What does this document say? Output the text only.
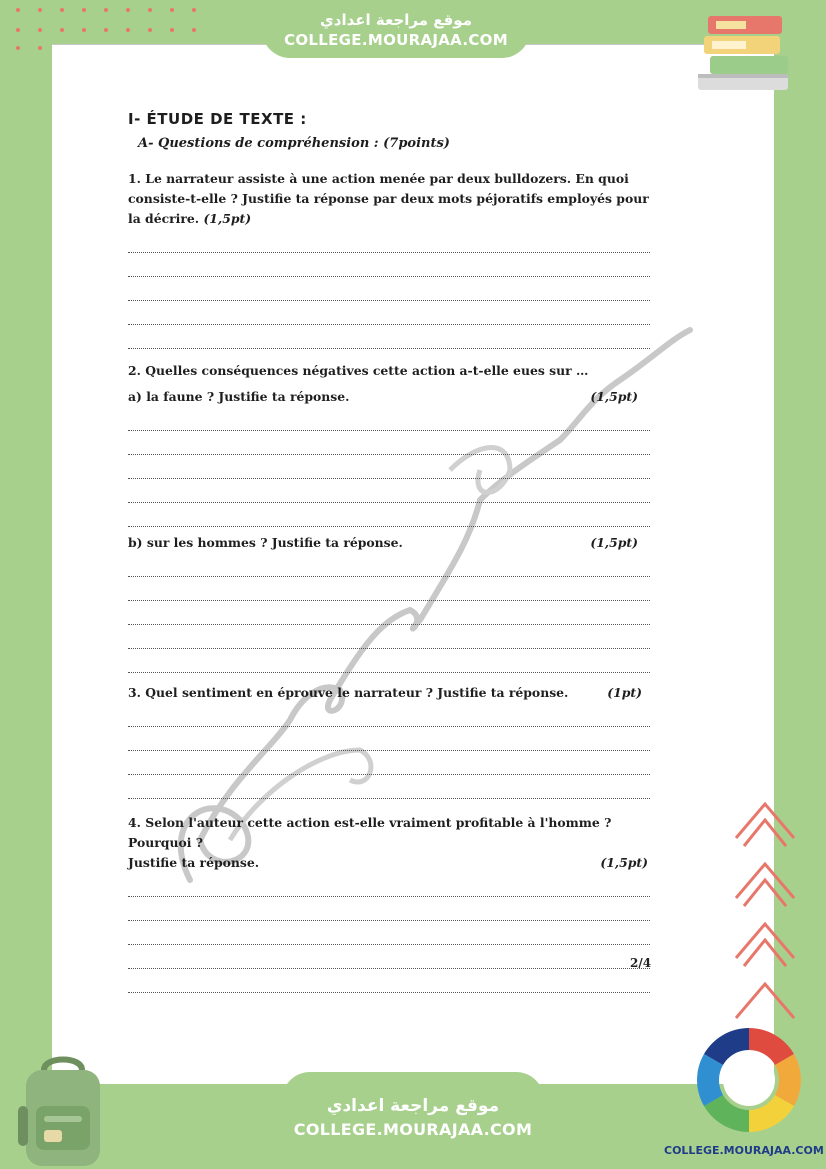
موقع مراجعة اعدادي
COLLEGE.MOURAJAA.COM

I- ÉTUDE DE TEXTE :

A- Questions de compréhension : (7points)

1. Le narrateur assiste à une action menée par deux bulldozers. En quoi consiste-t-elle ? Justifie ta réponse par deux mots péjoratifs employés pour la décrire. (1,5pt)

2. Quelles conséquences négatives cette action a-t-elle eues sur …

a) la faune ? Justifie ta réponse.	(1,5pt)
b) sur les hommes ? Justifie ta réponse.	(1,5pt)
3. Quel sentiment en éprouve le narrateur ? Justifie ta réponse.	(1pt)

4. Selon l'auteur cette action est-elle vraiment profitable à l'homme ? Pourquoi ?

Justifie ta réponse.	(1,5pt)
2/4
موقع مراجعة اعدادي
COLLEGE.MOURAJAA.COM
COLLEGE.MOURAJAA.COM
